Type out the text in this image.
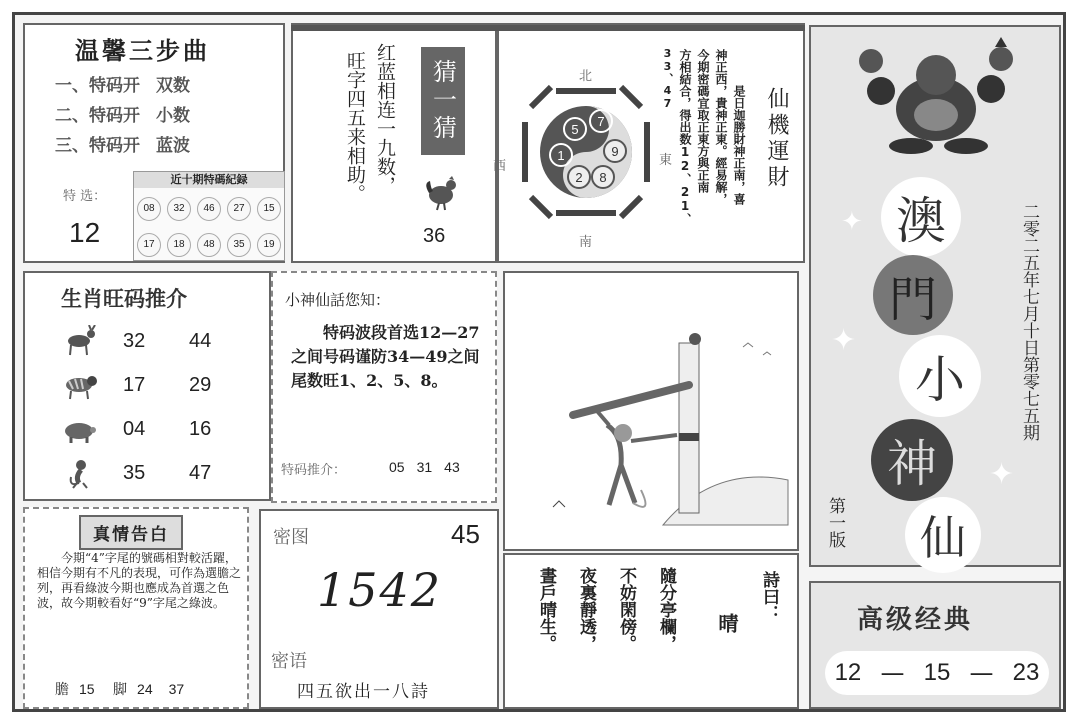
温馨三步曲
一、特码开 双数
二、特码开 小数
三、特码开 蓝波
特 选：
12
近十期特碼紀録
08	32	46	27	15

17	18	48	35	19
红蓝相连一九数，
旺字四五来相助。	猜一猜
36
5
7
1	9
2	8
北
南
西	東
33、47 方相結合，得出数12、21、 今期密碼宜取正東方與正南 神正西，貴神正東。經易解， 是日迦勝財神正南，喜 仙機運財
澳
門
小
神
仙
二零二五年七月十日第零七五期
第一版
✦
✦
✦
生肖旺码推介
32	44
17	29
04	16
35	47
小神仙話您知：
特码波段首选12—27之间号码谨防34—49之间尾数旺1、2、5、8。
特码推介：	05 31 43
真情告白
今期“4”字尾的號碼相對較活躍，相信今期有不凡的表現，可作為選膽之列，再看綠波今期也應成為首選之色波，故今期較看好“9”字尾之綠波。
膽 15 脚 24 37
密图	45
1542
密语
四五欲出一八詩
晝戶晴生。 夜裏靜透， 不妨閑傍。 隨分亭欄， 晴
詩曰：	高级经典
12 — 15 — 23
